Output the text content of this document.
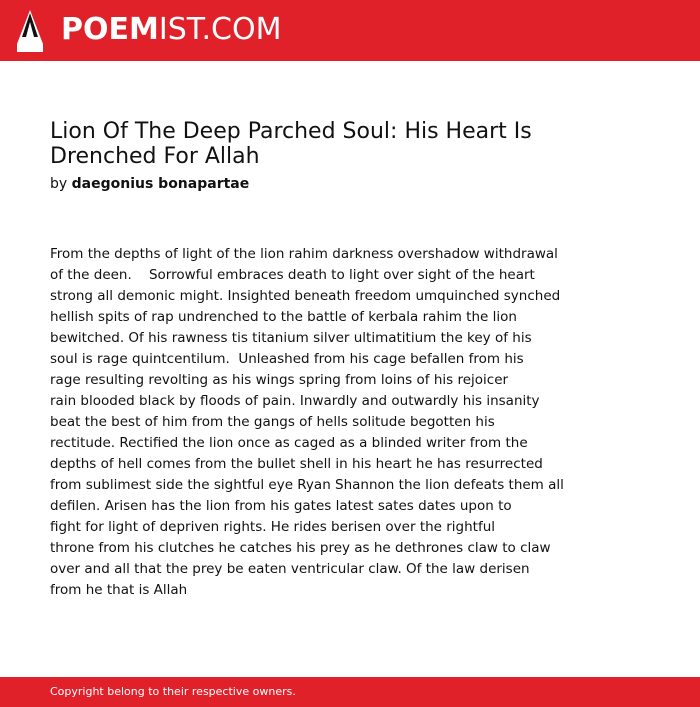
POEMIST.COM
Lion Of The Deep Parched Soul: His Heart Is Drenched For Allah
by daegonius bonapartae
From the depths of light of the lion rahim darkness overshadow withdrawal
of the deen.    Sorrowful embraces death to light over sight of the heart
strong all demonic might. Insighted beneath freedom umquinched synched
hellish spits of rap undrenched to the battle of kerbala rahim the lion
bewitched. Of his rawness tis titanium silver ultimatitium the key of his
soul is rage quintcentilum.  Unleashed from his cage befallen from his
rage resulting revolting as his wings spring from loins of his rejoicer
rain blooded black by floods of pain. Inwardly and outwardly his insanity
beat the best of him from the gangs of hells solitude begotten his
rectitude. Rectified the lion once as caged as a blinded writer from the
depths of hell comes from the bullet shell in his heart he has resurrected
from sublimest side the sightful eye Ryan Shannon the lion defeats them all
defilen. Arisen has the lion from his gates latest sates dates upon to
fight for light of depriven rights. He rides berisen over the rightful
throne from his clutches he catches his prey as he dethrones claw to claw
over and all that the prey be eaten ventricular claw. Of the law derisen
from he that is Allah
Copyright belong to their respective owners.
